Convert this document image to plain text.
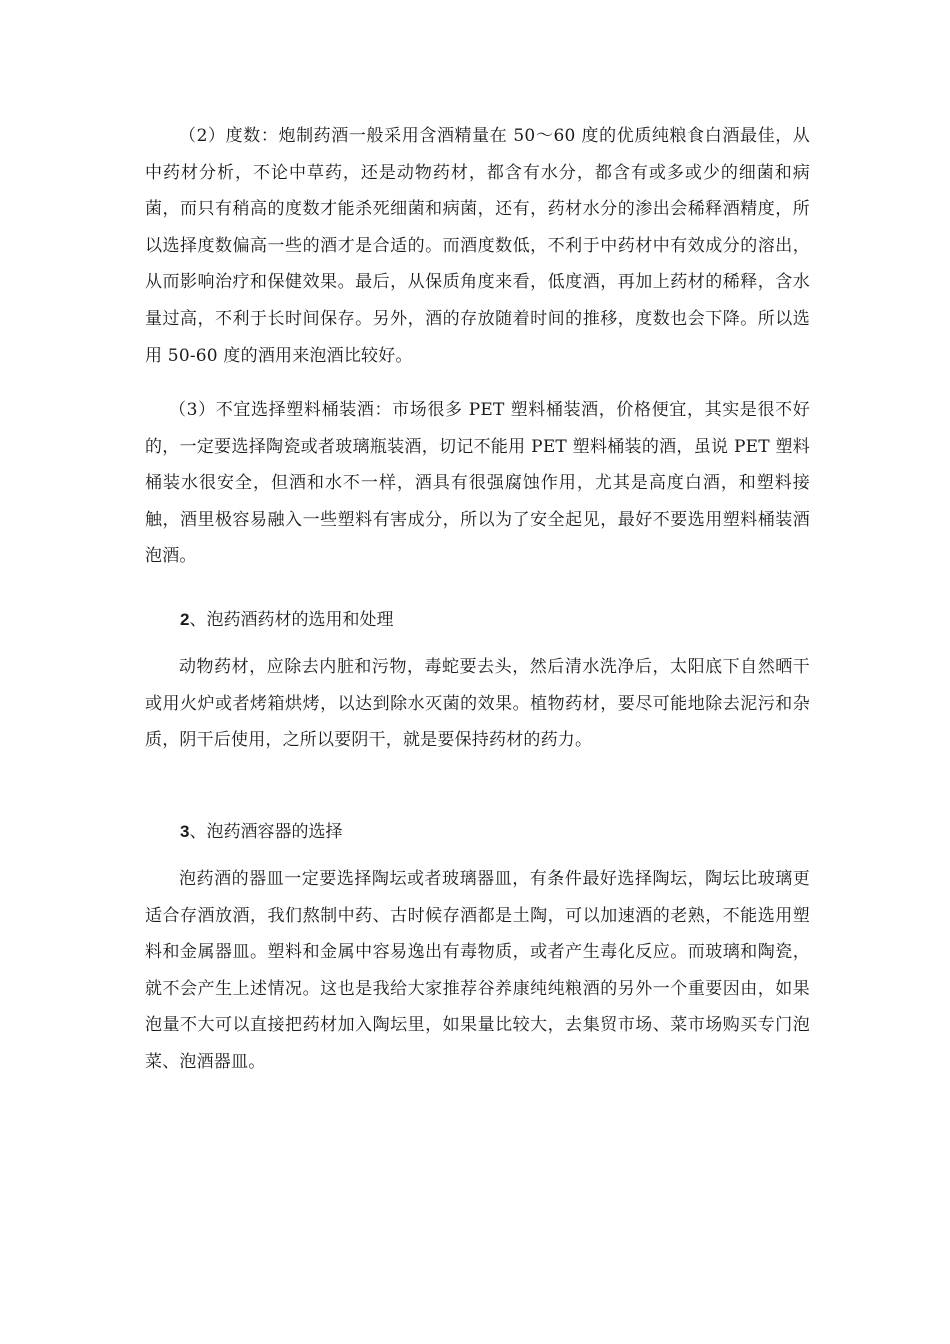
（2）度数：炮制药酒一般采用含酒精量在 50～60 度的优质纯粮食白酒最佳，从中药材分析，不论中草药，还是动物药材，都含有水分，都含有或多或少的细菌和病菌，而只有稍高的度数才能杀死细菌和病菌，还有，药材水分的渗出会稀释酒精度，所以选择度数偏高一些的酒才是合适的。而酒度数低，不利于中药材中有效成分的溶出，从而影响治疗和保健效果。最后，从保质角度来看，低度酒，再加上药材的稀释，含水量过高，不利于长时间保存。另外，酒的存放随着时间的推移，度数也会下降。所以选用 50-60 度的酒用来泡酒比较好。

（3）不宜选择塑料桶装酒：市场很多 PET 塑料桶装酒，价格便宜，其实是很不好的，一定要选择陶瓷或者玻璃瓶装酒，切记不能用 PET 塑料桶装的酒，虽说 PET 塑料桶装水很安全，但酒和水不一样，酒具有很强腐蚀作用，尤其是高度白酒，和塑料接触，酒里极容易融入一些塑料有害成分，所以为了安全起见，最好不要选用塑料桶装酒泡酒。

2、泡药酒药材的选用和处理

动物药材，应除去内脏和污物，毒蛇要去头，然后清水洗净后，太阳底下自然晒干或用火炉或者烤箱烘烤，以达到除水灭菌的效果。植物药材，要尽可能地除去泥污和杂质，阴干后使用，之所以要阴干，就是要保持药材的药力。

3、泡药酒容器的选择

泡药酒的器皿一定要选择陶坛或者玻璃器皿，有条件最好选择陶坛，陶坛比玻璃更适合存酒放酒，我们熬制中药、古时候存酒都是土陶，可以加速酒的老熟，不能选用塑料和金属器皿。塑料和金属中容易逸出有毒物质，或者产生毒化反应。而玻璃和陶瓷，就不会产生上述情况。这也是我给大家推荐谷养康纯纯粮酒的另外一个重要因由，如果泡量不大可以直接把药材加入陶坛里，如果量比较大，去集贸市场、菜市场购买专门泡菜、泡酒器皿。
